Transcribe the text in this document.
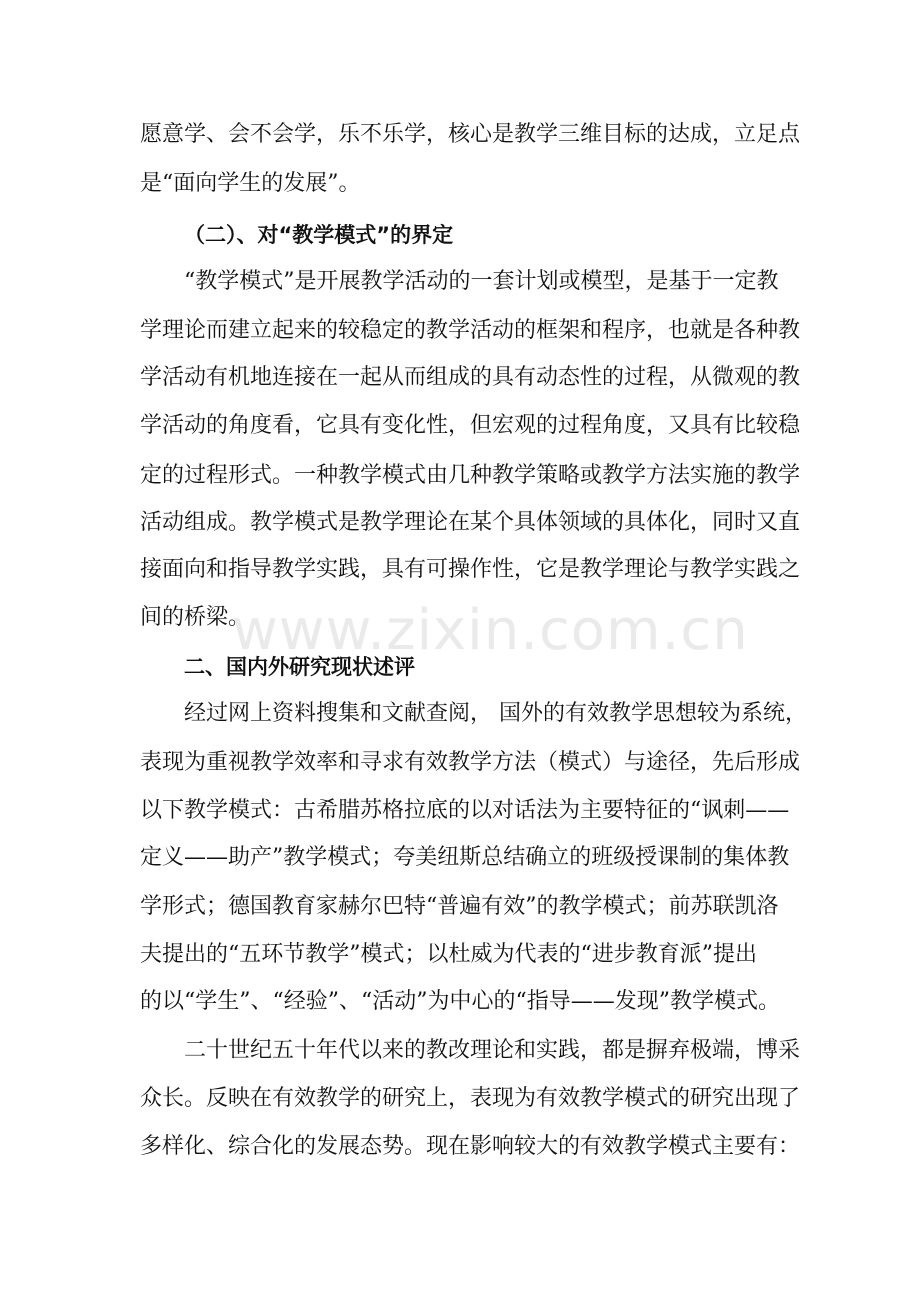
愿意学、会不会学，乐不乐学，核心是教学三维目标的达成，立足点
是“面向学生的发展”。
（二）、对“教学模式”的界定
“教学模式”是开展教学活动的一套计划或模型，是基于一定教
学理论而建立起来的较稳定的教学活动的框架和程序，也就是各种教
学活动有机地连接在一起从而组成的具有动态性的过程，从微观的教
学活动的角度看，它具有变化性，但宏观的过程角度，又具有比较稳
定的过程形式。一种教学模式由几种教学策略或教学方法实施的教学
活动组成。教学模式是教学理论在某个具体领域的具体化，同时又直
接面向和指导教学实践，具有可操作性，它是教学理论与教学实践之
间的桥梁。
www.zixin.com.cn
二、国内外研究现状述评
经过网上资料搜集和文献查阅， 国外的有效教学思想较为系统，
表现为重视教学效率和寻求有效教学方法（模式）与途径，先后形成
以下教学模式：古希腊苏格拉底的以对话法为主要特征的“讽刺——
定义——助产”教学模式；夸美纽斯总结确立的班级授课制的集体教
学形式；德国教育家赫尔巴特“普遍有效”的教学模式；前苏联凯洛
夫提出的“五环节教学”模式；以杜威为代表的“进步教育派”提出
的以“学生”、“经验”、“活动”为中心的“指导——发现”教学模式。
二十世纪五十年代以来的教改理论和实践，都是摒弃极端，博采
众长。反映在有效教学的研究上，表现为有效教学模式的研究出现了
多样化、综合化的发展态势。现在影响较大的有效教学模式主要有：
